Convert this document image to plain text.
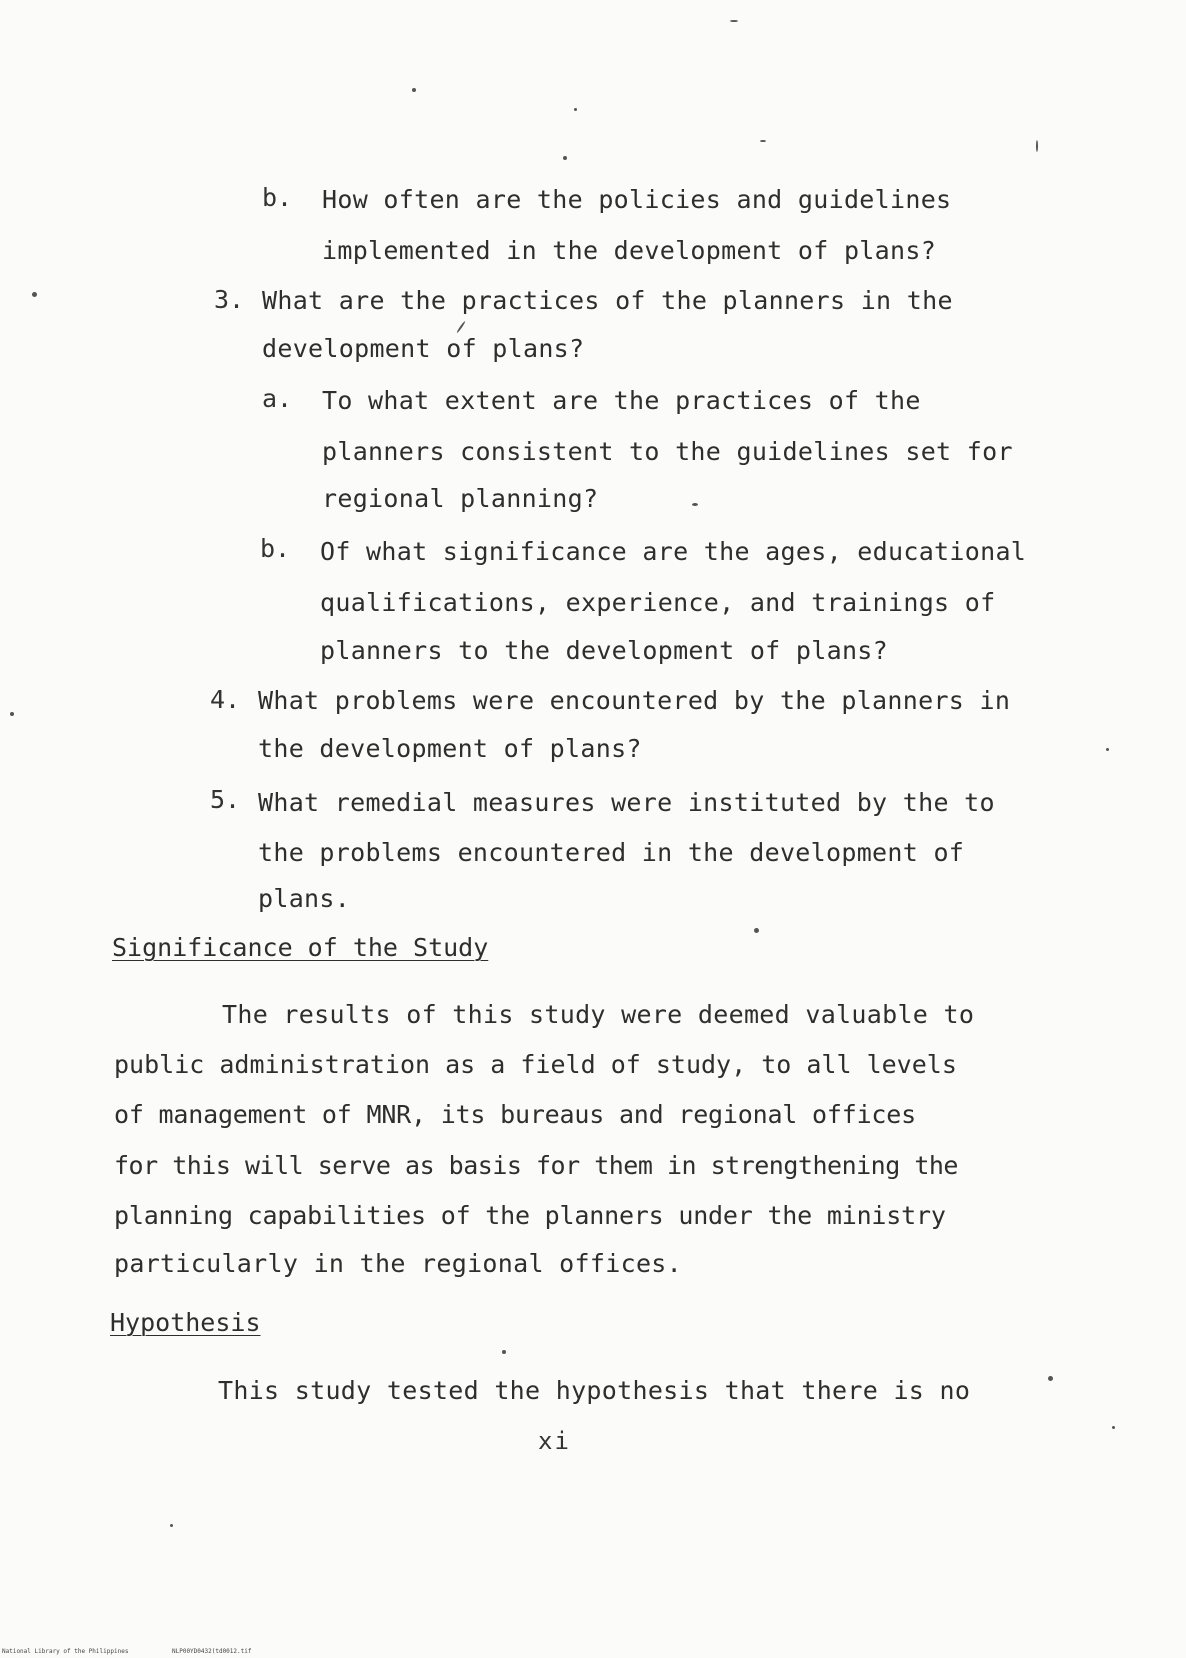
b. How often are the policies and guidelines
implemented in the development of plans?
3. What are the practices of the planners in the
development of plans?
a. To what extent are the practices of the
planners consistent to the guidelines set for
regional planning?
b. Of what significance are the ages, educational
qualifications, experience, and trainings of
planners to the development of plans?
4. What problems were encountered by the planners in
the development of plans?
5. What remedial measures were instituted by the to
the problems encountered in the development of
plans.
Significance of the Study
The results of this study were deemed valuable to
public administration as a field of study, to all levels
of management of MNR, its bureaus and regional offices
for this will serve as basis for them in strengthening the
planning capabilities of the planners under the ministry
particularly in the regional offices.
Hypothesis
This study tested the hypothesis that there is no
xi
National Library of the Philippines	NLP00YD0432(td0012.tif
